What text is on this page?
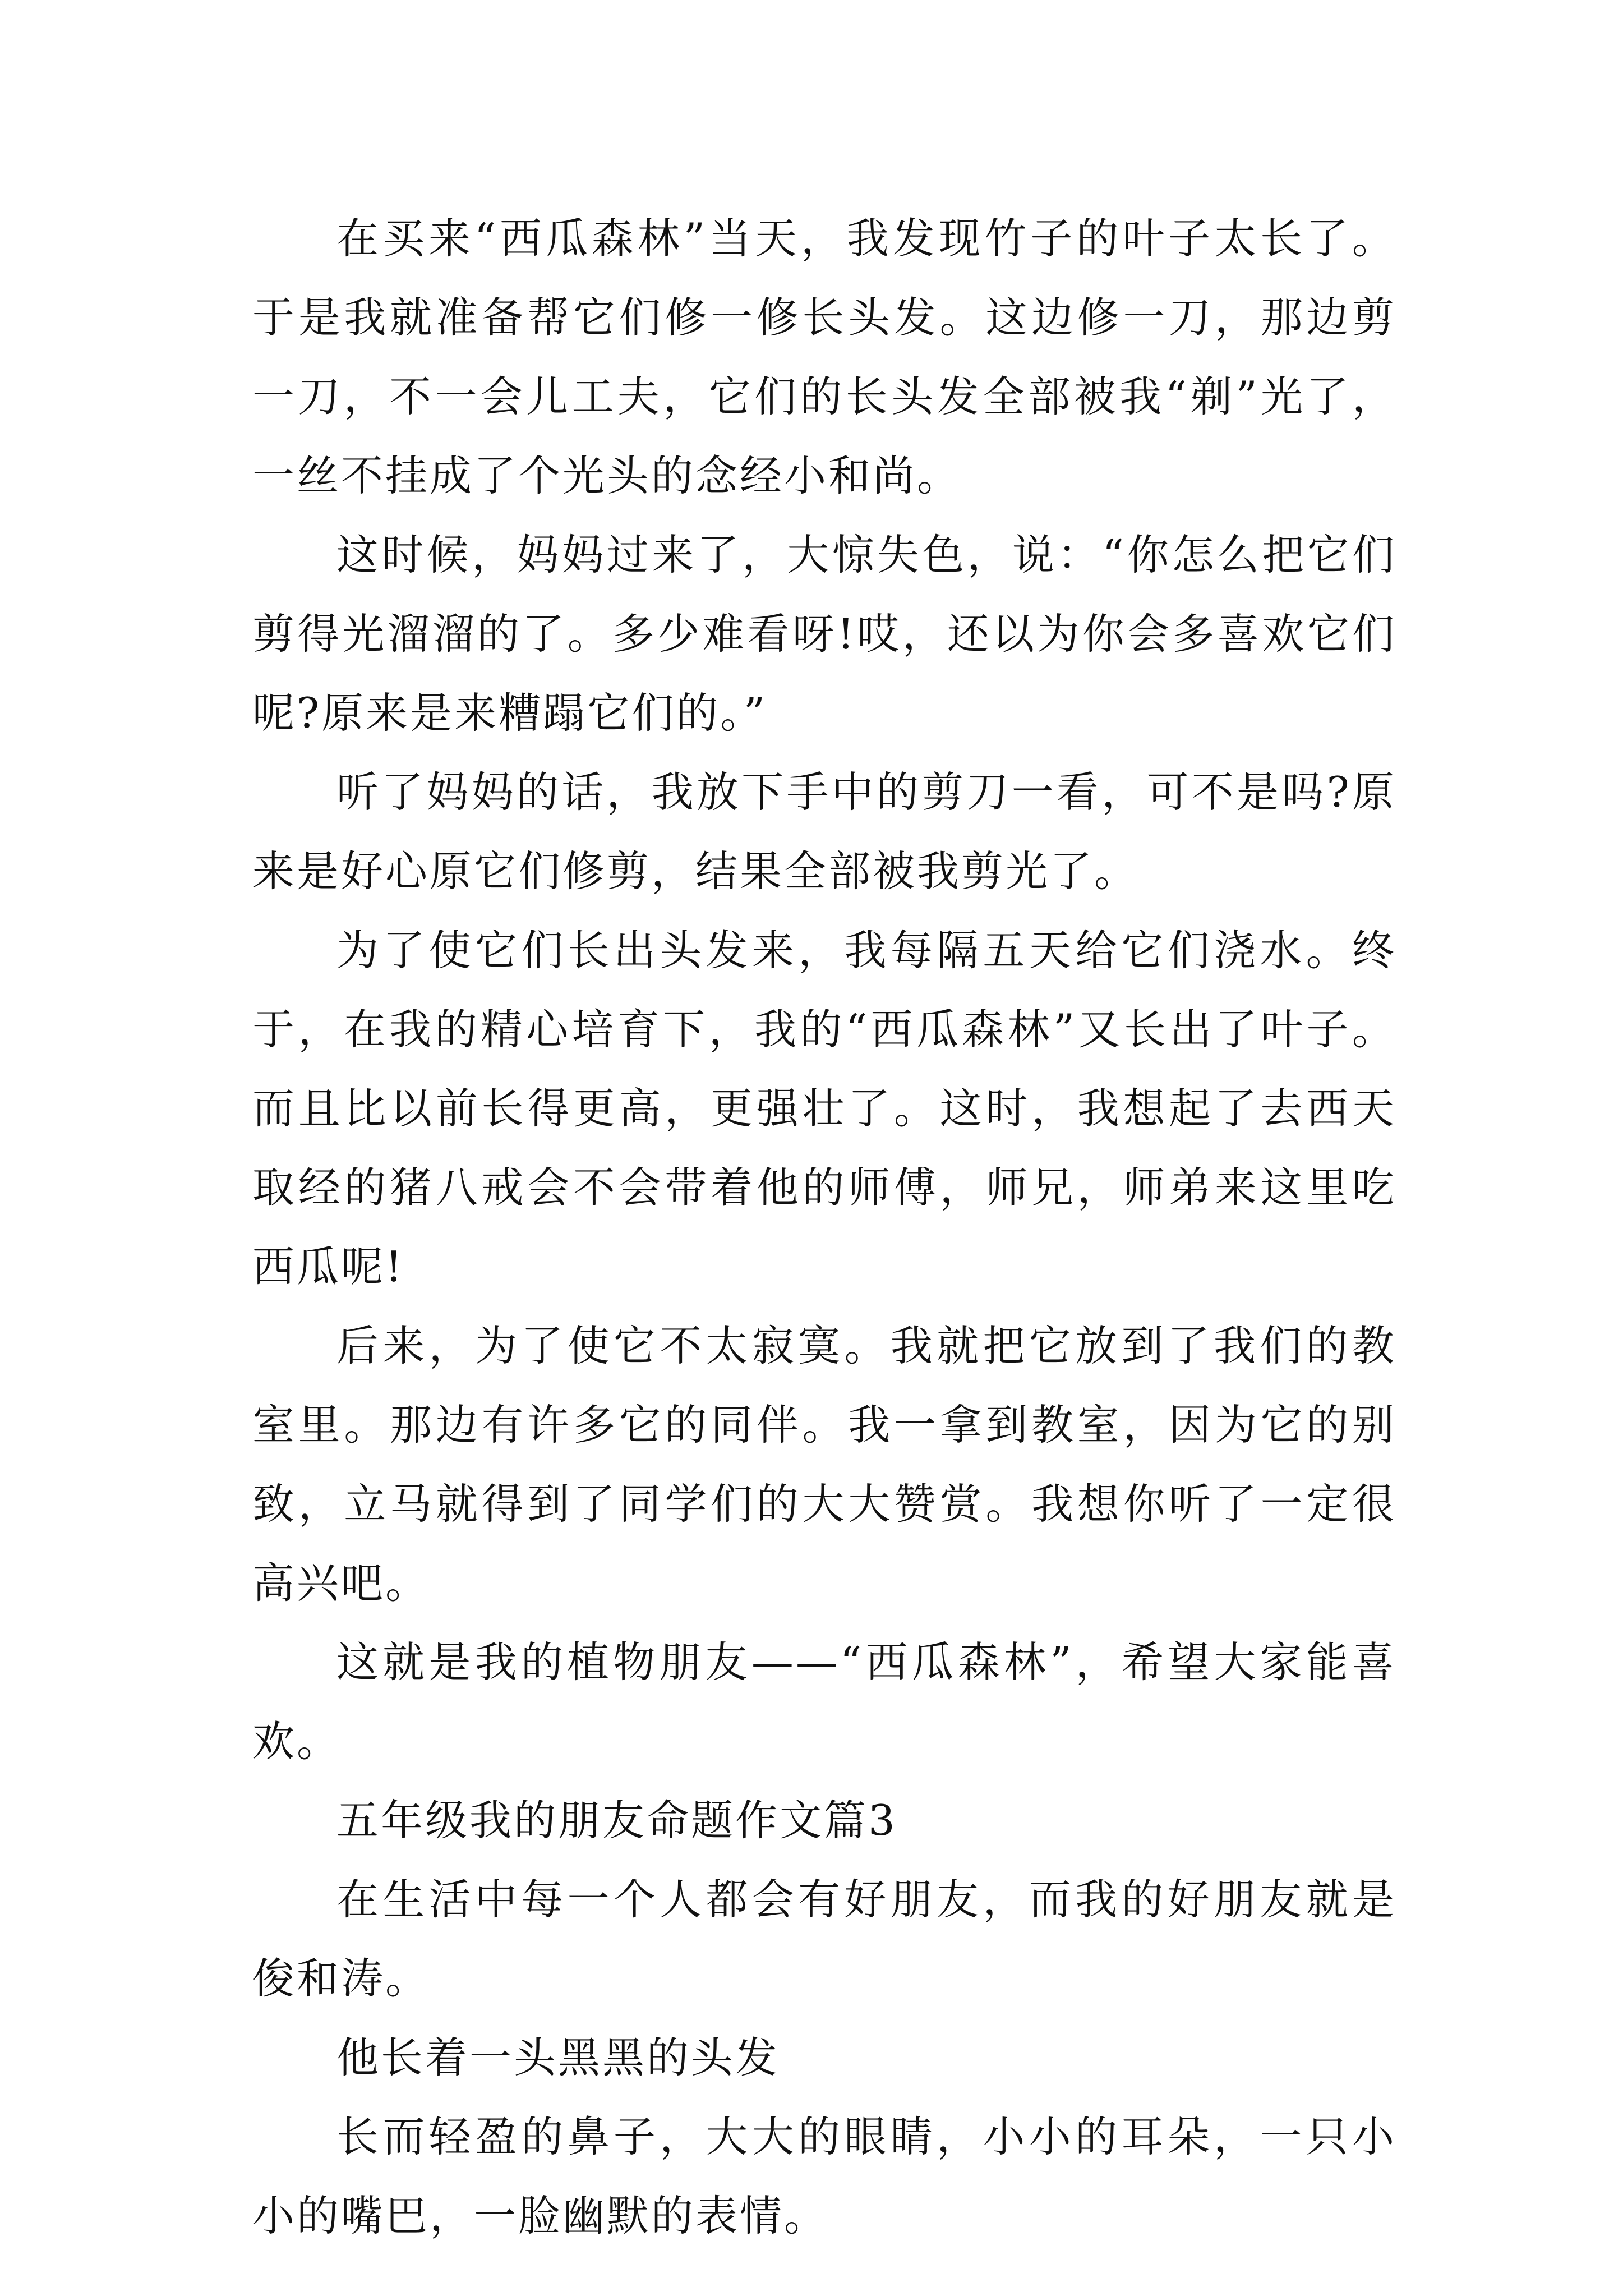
在买来“西瓜森林”当天，我发现竹子的叶子太长了。于是我就准备帮它们修一修长头发。这边修一刀，那边剪一刀，不一会儿工夫，它们的长头发全部被我“剃”光了，一丝不挂成了个光头的念经小和尚。

这时候，妈妈过来了，大惊失色，说：“你怎么把它们剪得光溜溜的了。多少难看呀!哎，还以为你会多喜欢它们呢?原来是来糟蹋它们的。”

听了妈妈的话，我放下手中的剪刀一看，可不是吗?原来是好心原它们修剪，结果全部被我剪光了。

为了使它们长出头发来，我每隔五天给它们浇水。终于，在我的精心培育下，我的“西瓜森林”又长出了叶子。而且比以前长得更高，更强壮了。这时，我想起了去西天取经的猪八戒会不会带着他的师傅，师兄，师弟来这里吃西瓜呢!

后来，为了使它不太寂寞。我就把它放到了我们的教室里。那边有许多它的同伴。我一拿到教室，因为它的别致，立马就得到了同学们的大大赞赏。我想你听了一定很高兴吧。

这就是我的植物朋友——“西瓜森林”，希望大家能喜欢。

五年级我的朋友命题作文篇3

在生活中每一个人都会有好朋友，而我的好朋友就是俊和涛。

他长着一头黑黑的头发

长而轻盈的鼻子，大大的眼睛，小小的耳朵，一只小小的嘴巴，一脸幽默的表情。
